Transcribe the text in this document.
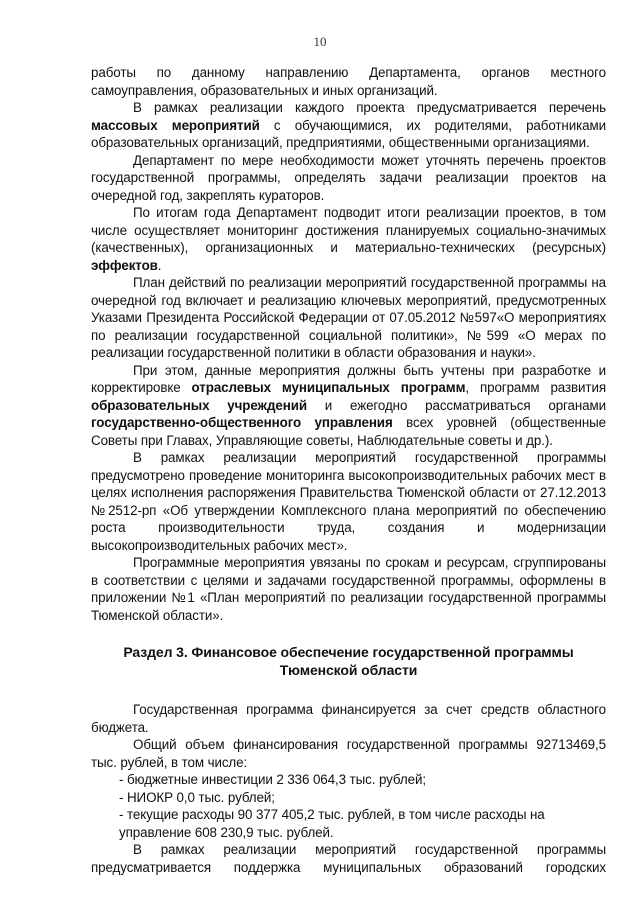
10

работы по данному направлению Департамента, органов местного самоуправления, образовательных и иных организаций.

В рамках реализации каждого проекта предусматривается перечень массовых мероприятий с обучающимися, их родителями, работниками образовательных организаций, предприятиями, общественными организациями.

Департамент по мере необходимости может уточнять перечень проектов государственной программы, определять задачи реализации проектов на очередной год, закреплять кураторов.

По итогам года Департамент подводит итоги реализации проектов, в том числе осуществляет мониторинг достижения планируемых социально-значимых (качественных), организационных и материально-технических (ресурсных) эффектов.

План действий по реализации мероприятий государственной программы на очередной год включает и реализацию ключевых мероприятий, предусмотренных Указами Президента Российской Федерации от 07.05.2012 №597«О мероприятиях по реализации государственной социальной политики», №599 «О мерах по реализации государственной политики в области образования и науки».

При этом, данные мероприятия должны быть учтены при разработке и корректировке отраслевых муниципальных программ, программ развития образовательных учреждений и ежегодно рассматриваться органами государственно-общественного управления всех уровней (общественные Советы при Главах, Управляющие советы, Наблюдательные советы и др.).

В рамках реализации мероприятий государственной программы предусмотрено проведение мониторинга высокопроизводительных рабочих мест в целях исполнения распоряжения Правительства Тюменской области от 27.12.2013 №2512-рп «Об утверждении Комплексного плана мероприятий по обеспечению роста производительности труда, создания и модернизации высокопроизводительных рабочих мест».

Программные мероприятия увязаны по срокам и ресурсам, сгруппированы в соответствии с целями и задачами государственной программы, оформлены в приложении №1 «План мероприятий по реализации государственной программы Тюменской области».

Раздел 3. Финансовое обеспечение государственной программы
Тюменской области

Государственная программа финансируется за счет средств областного бюджета.

Общий объем финансирования государственной программы 92713469,5 тыс. рублей, в том числе:

- бюджетные инвестиции 2 336 064,3 тыс. рублей;

- НИОКР 0,0 тыс. рублей;

- текущие расходы 90 377 405,2 тыс. рублей, в том числе расходы на управление 608 230,9 тыс. рублей.

В рамках реализации мероприятий государственной программы предусматривается поддержка муниципальных образований городских
